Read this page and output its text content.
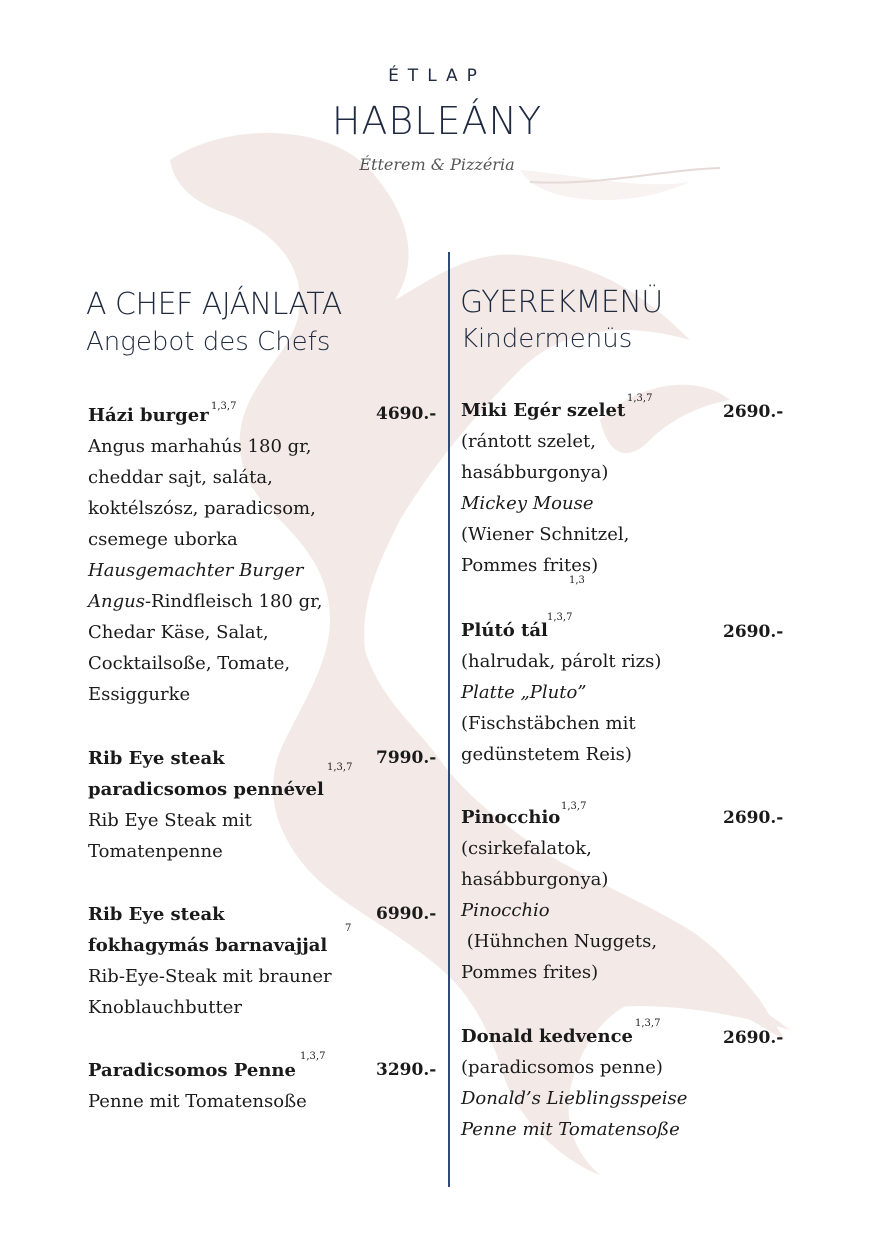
ÉTLAP
HABLEÁNY
Étterem & Pizzéria
A CHEF AJÁNLATA
Angebot des Chefs
Házi burger
Angus marhahús 180 gr,
cheddar sajt, saláta,
koktélszósz, paradicsom,
csemege uborka
Hausgemachter Burger
Angus-Rindfleisch 180 gr,
Chedar Käse, Salat,
Cocktailsoße, Tomate,
Essiggurke
1,3,7	4690.-
Rib Eye steak
paradicsomos pennével
Rib Eye Steak mit
Tomatenpenne
1,3,7 7990.-
Rib Eye steak
fokhagymás barnavajjal
Rib-Eye-Steak mit brauner
Knoblauchbutter
7
6990.-
Paradicsomos Penne
Penne mit Tomatensoße
1,3,7
3290.-
GYEREKMENÜ
Kindermenüs
Miki Egér szelet
(rántott szelet,
hasábburgonya)
Mickey Mouse
(Wiener Schnitzel,
Pommes frites)
1,3,7
1,3
2690.-
Plútó tál
(halrudak, párolt rizs)
Platte „Pluto”
(Fischstäbchen mit
gedünstetem Reis)
1,3,7
2690.-
Pinocchio
(csirkefalatok,
hasábburgonya)
Pinocchio
(Hühnchen Nuggets,
Pommes frites)
1,3,7
2690.-
Donald kedvence
(paradicsomos penne)
Donald’s Lieblingsspeise
Penne mit Tomatensoße
1,3,7
2690.-
